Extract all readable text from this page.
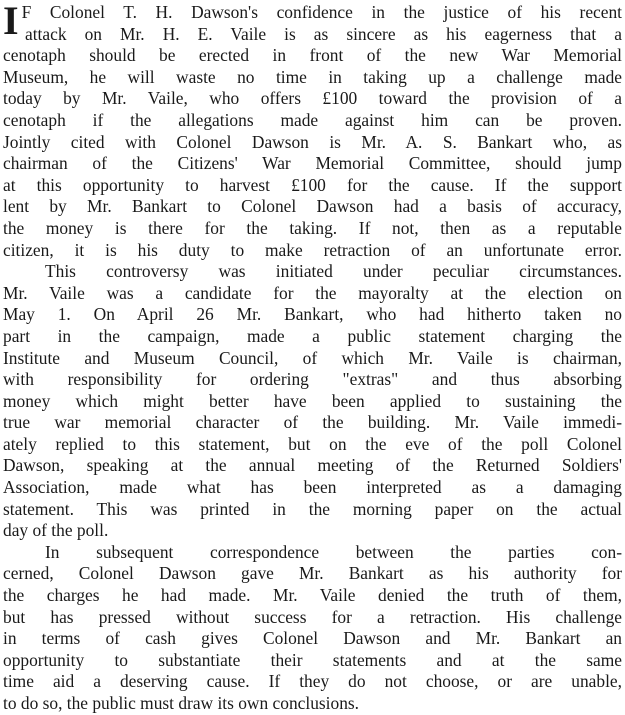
I F Colonel T. H. Dawson's confidence in the justice of his recent
attack on Mr. H. E. Vaile is as sincere as his eagerness that a
cenotaph should be erected in front of the new War Memorial
Museum, he will waste no time in taking up a challenge made
today by Mr. Vaile, who offers £100 toward the provision of a
cenotaph if the allegations made against him can be proven.
Jointly cited with Colonel Dawson is Mr. A. S. Bankart who, as
chairman of the Citizens' War Memorial Committee, should jump
at this opportunity to harvest £100 for the cause. If the support
lent by Mr. Bankart to Colonel Dawson had a basis of accuracy,
the money is there for the taking. If not, then as a reputable
citizen, it is his duty to make retraction of an unfortunate error.
This controversy was initiated under peculiar circumstances.
Mr. Vaile was a candidate for the mayoralty at the election on
May 1. On April 26 Mr. Bankart, who had hitherto taken no
part in the campaign, made a public statement charging the
Institute and Museum Council, of which Mr. Vaile is chairman,
with responsibility for ordering "extras" and thus absorbing
money which might better have been applied to sustaining the
true war memorial character of the building. Mr. Vaile immedi-
ately replied to this statement, but on the eve of the poll Colonel
Dawson, speaking at the annual meeting of the Returned Soldiers'
Association, made what has been interpreted as a damaging
statement. This was printed in the morning paper on the actual
day of the poll.
In subsequent correspondence between the parties con-
cerned, Colonel Dawson gave Mr. Bankart as his authority for
the charges he had made. Mr. Vaile denied the truth of them,
but has pressed without success for a retraction. His challenge
in terms of cash gives Colonel Dawson and Mr. Bankart an
opportunity to substantiate their statements and at the same
time aid a deserving cause. If they do not choose, or are unable,
to do so, the public must draw its own conclusions.
